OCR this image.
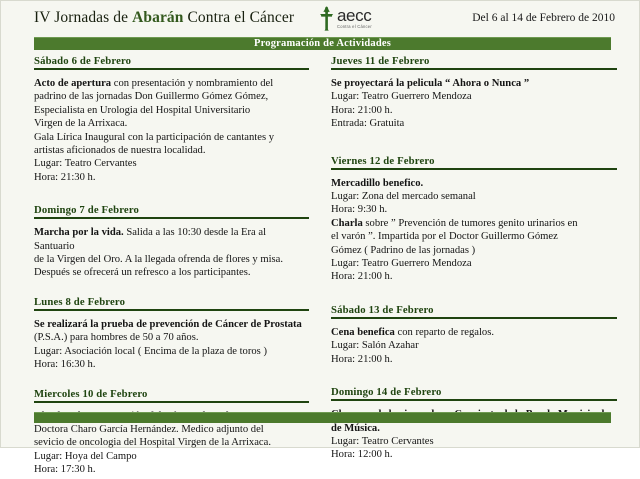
IV Jornadas de Abarán Contra el Cáncer	aecc
Contra el Cáncer
Del 6 al 14 de Febrero de 2010
Programación de Actividades
Sábado 6 de Febrero

Acto de apertura con presentación y nombramiento del

padrino de las jornadas Don Guillermo Gómez Gómez,

Especialista en Urologia del Hospital Universitario

Virgen de la Arrixaca.

Gala Lírica Inaugural con la participación de cantantes y

artistas aficionados de nuestra localidad.

Lugar: Teatro Cervantes

Hora: 21:30 h.

Domingo 7 de Febrero

Marcha por la vida. Salida a las 10:30 desde la Era al Santuario

de la Virgen del Oro. A la llegada ofrenda de flores y misa.

Después se ofrecerá un refresco a los participantes.

Lunes 8 de Febrero

Se realizará la prueba de prevención de Cáncer de Prostata

(P.S.A.) para hombres de 50 a 70 años.

Lugar: Asociación local ( Encima de la plaza de toros )

Hora: 16:30 h.

Miercoles 10 de Febrero

Doctora Charo García Hernández. Medico adjunto del

sevicio de oncologia del Hospital Virgen de la Arrixaca.

Lugar: Hoya del Campo

Hora: 17:30 h.

Jueves 11 de Febrero

Se proyectará la pelicula “ Ahora o Nunca ”

Lugar: Teatro Guerrero Mendoza

Hora: 21:00 h.

Entrada: Gratuita

Viernes 12 de Febrero

Mercadillo benefico.

Lugar: Zona del mercado semanal

Hora: 9:30 h.

Charla sobre ” Prevención de tumores genito urinarios en

el varón ”. Impartida por el Doctor Guillermo Gómez

Gómez ( Padrino de las jornadas )

Lugar: Teatro Guerrero Mendoza

Hora: 21:00 h.

Sábado 13 de Febrero

Cena benefica con reparto de regalos.

Lugar: Salón Azahar

Hora: 21:00 h.

Domingo 14 de Febrero

de Música.

Lugar: Teatro Cervantes

Hora: 12:00 h.
